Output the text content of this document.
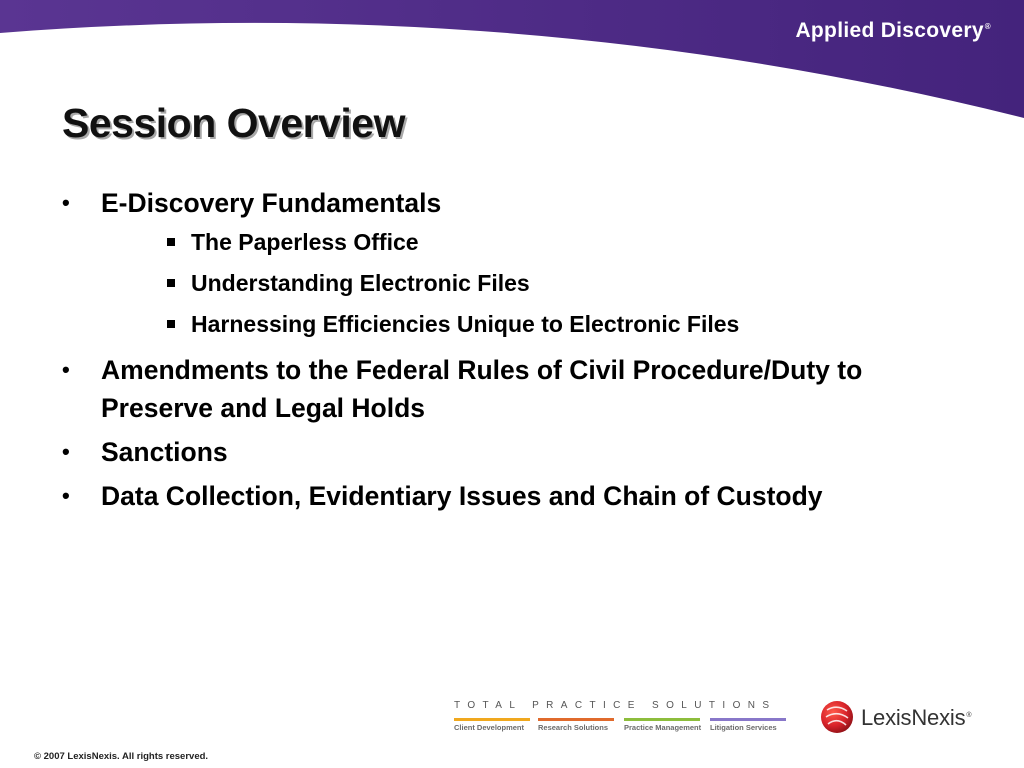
Applied Discovery®
Session Overview
• E-Discovery Fundamentals
The Paperless Office
Understanding Electronic Files
Harnessing Efficiencies Unique to Electronic Files
• Amendments to the Federal Rules of Civil Procedure/Duty to Preserve and Legal Holds
• Sanctions
• Data Collection, Evidentiary Issues and Chain of Custody
TOTAL PRACTICE SOLUTIONS
Client Development	Research Solutions	Practice Management Litigation Services	LexisNexis®
© 2007 LexisNexis. All rights reserved.
